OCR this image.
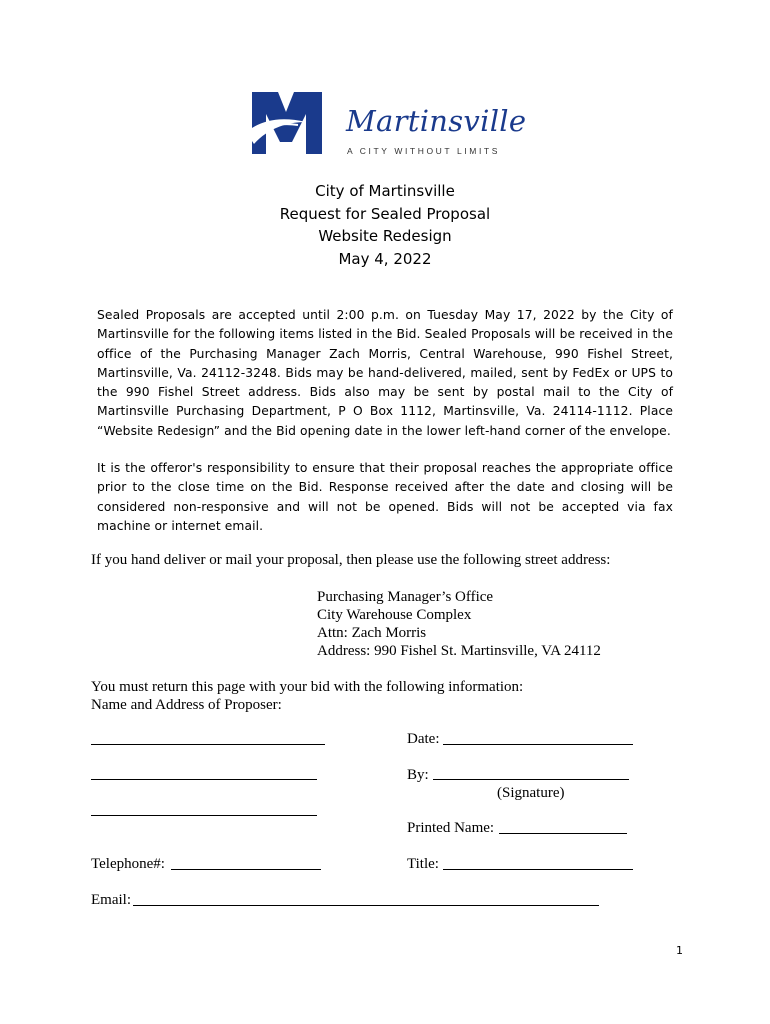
Martinsville
A CITY WITHOUT LIMITS
City of Martinsville
Request for Sealed Proposal
Website Redesign
May 4, 2022
Sealed Proposals are accepted until 2:00 p.m. on Tuesday May 17, 2022 by the City of Martinsville for the following items listed in the Bid. Sealed Proposals will be received in the office of the Purchasing Manager Zach Morris, Central Warehouse, 990 Fishel Street, Martinsville, Va. 24112-3248. Bids may be hand-delivered, mailed, sent by FedEx or UPS to the 990 Fishel Street address. Bids also may be sent by postal mail to the City of Martinsville Purchasing Department, P O Box 1112, Martinsville, Va. 24114-1112. Place “Website Redesign” and the Bid opening date in the lower left-hand corner of the envelope.
It is the offeror's responsibility to ensure that their proposal reaches the appropriate office prior to the close time on the Bid. Response received after the date and closing will be considered non-responsive and will not be opened. Bids will not be accepted via fax machine or internet email.
If you hand deliver or mail your proposal, then please use the following street address:
Purchasing Manager’s Office
City Warehouse Complex
Attn: Zach Morris
Address: 990 Fishel St. Martinsville, VA 24112
You must return this page with your bid with the following information:
Name and Address of Proposer:
Date:
By:
(Signature)
Printed Name:
Telephone#:	Title:
Email:
1
